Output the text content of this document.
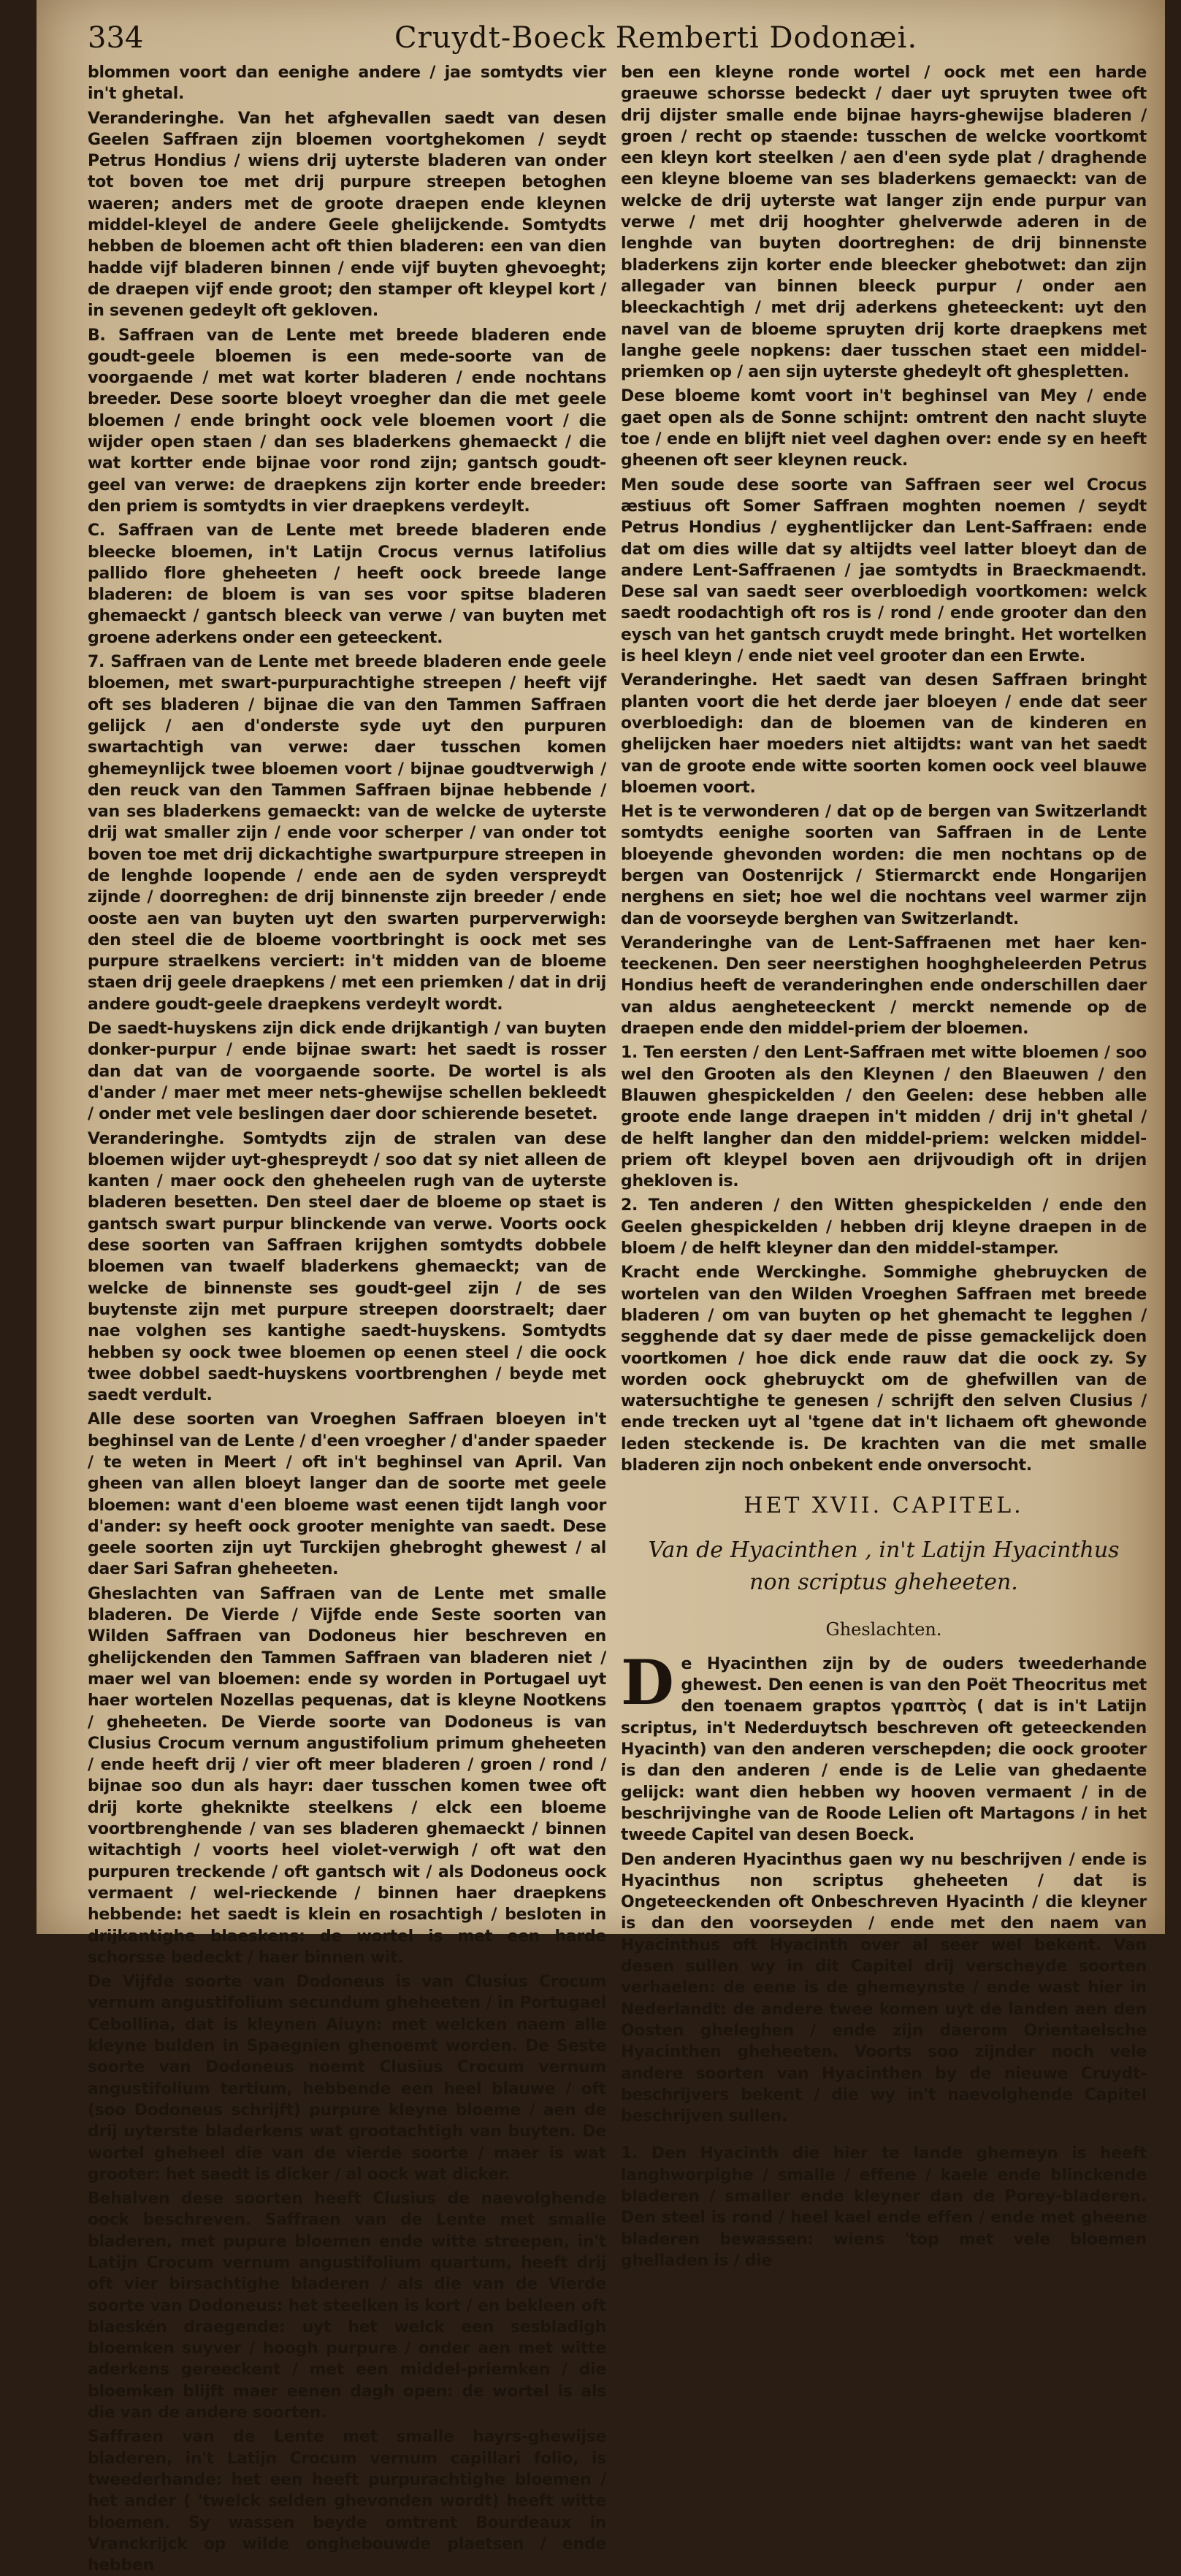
334	Cruydt-Boeck Remberti Dodonæi.

blommen voort dan eenighe andere / jae somtydts vier in't ghetal.

Veranderinghe. Van het afghevallen saedt van desen Geelen Saffraen zijn bloemen voortghekomen / seydt Petrus Hondius / wiens drij uyterste bladeren van onder tot boven toe met drij purpure streepen betoghen waeren; anders met de groote draepen ende kleynen middel-kleyel de andere Geele ghelijckende. Somtydts hebben de bloemen acht oft thien bladeren: een van dien hadde vijf bladeren binnen / ende vijf buyten ghevoeght; de draepen vijf ende groot; den stamper oft kleypel kort / in sevenen gedeylt oft gekloven.

B. Saffraen van de Lente met breede bladeren ende goudt-geele bloemen is een mede-soorte van de voorgaende / met wat korter bladeren / ende nochtans breeder. Dese soorte bloeyt vroegher dan die met geele bloemen / ende bringht oock vele bloemen voort / die wijder open staen / dan ses bladerkens ghemaeckt / die wat kortter ende bijnae voor rond zijn; gantsch goudt-geel van verwe: de draepkens zijn korter ende breeder: den priem is somtydts in vier draepkens verdeylt.

C. Saffraen van de Lente met breede bladeren ende bleecke bloemen, in't Latijn Crocus vernus latifolius pallido flore gheheeten / heeft oock breede lange bladeren: de bloem is van ses voor spitse bladeren ghemaeckt / gantsch bleeck van verwe / van buyten met groene aderkens onder een geteeckent.

7. Saffraen van de Lente met breede bladeren ende geele bloemen, met swart-purpurachtighe streepen / heeft vijf oft ses bladeren / bijnae die van den Tammen Saffraen gelijck / aen d'onderste syde uyt den purpuren swartachtigh van verwe: daer tusschen komen ghemeynlijck twee bloemen voort / bijnae goudtverwigh / den reuck van den Tammen Saffraen bijnae hebbende / van ses bladerkens gemaeckt: van de welcke de uyterste drij wat smaller zijn / ende voor scherper / van onder tot boven toe met drij dickachtighe swartpurpure streepen in de lenghde loopende / ende aen de syden verspreydt zijnde / doorreghen: de drij binnenste zijn breeder / ende ooste aen van buyten uyt den swarten purperverwigh: den steel die de bloeme voortbringht is oock met ses purpure straelkens verciert: in't midden van de bloeme staen drij geele draepkens / met een priemken / dat in drij andere goudt-geele draepkens verdeylt wordt.

De saedt-huyskens zijn dick ende drijkantigh / van buyten donker-purpur / ende bijnae swart: het saedt is rosser dan dat van de voorgaende soorte. De wortel is als d'ander / maer met meer nets-ghewijse schellen bekleedt / onder met vele beslingen daer door schierende besetet.

Veranderinghe. Somtydts zijn de stralen van dese bloemen wijder uyt-ghespreydt / soo dat sy niet alleen de kanten / maer oock den gheheelen rugh van de uyterste bladeren besetten. Den steel daer de bloeme op staet is gantsch swart purpur blinckende van verwe. Voorts oock dese soorten van Saffraen krijghen somtydts dobbele bloemen van twaelf bladerkens ghemaeckt; van de welcke de binnenste ses goudt-geel zijn / de ses buytenste zijn met purpure streepen doorstraelt; daer nae volghen ses kantighe saedt-huyskens. Somtydts hebben sy oock twee bloemen op eenen steel / die oock twee dobbel saedt-huyskens voortbrenghen / beyde met saedt verdult.

Alle dese soorten van Vroeghen Saffraen bloeyen in't beghinsel van de Lente / d'een vroegher / d'ander spaeder / te weten in Meert / oft in't beghinsel van April. Van gheen van allen bloeyt langer dan de soorte met geele bloemen: want d'een bloeme wast eenen tijdt langh voor d'ander: sy heeft oock grooter menighte van saedt. Dese geele soorten zijn uyt Turckijen ghebroght ghewest / al daer Sari Safran gheheeten.

Gheslachten van Saffraen van de Lente met smalle bladeren. De Vierde / Vijfde ende Seste soorten van Wilden Saffraen van Dodoneus hier beschreven en ghelijckenden den Tammen Saffraen van bladeren niet / maer wel van bloemen: ende sy worden in Portugael uyt haer wortelen Nozellas pequenas, dat is kleyne Nootkens / gheheeten. De Vierde soorte van Dodoneus is van Clusius Crocum vernum angustifolium primum gheheeten / ende heeft drij / vier oft meer bladeren / groen / rond / bijnae soo dun als hayr: daer tusschen komen twee oft drij korte gheknikte steelkens / elck een bloeme voortbrenghende / van ses bladeren ghemaeckt / binnen witachtigh / voorts heel violet-verwigh / oft wat den purpuren treckende / oft gantsch wit / als Dodoneus oock vermaent / wel-rieckende / binnen haer draepkens hebbende: het saedt is klein en rosachtigh / besloten in drijkantighe blaeskens: de wortel is met een harde schorsse bedeckt / haer binnen wit.

De Vijfde soorte van Dodoneus is van Clusius Crocum vernum angustifolium secundum gheheeten / in Portugael Cebollina, dat is kleynen Aiuyn: met welcken naem alle kleyne bulden in Spaegnien ghenoemt worden. De Seste soorte van Dodoneus noemt Clusius Crocum vernum angustifolium tertium, hebbende een heel blauwe / oft (soo Dodoneus schrijft) purpure kleyne bloeme / aen de drij uyterste bladerkens wat grootachtigh van buyten. De wortel gheheel die van de vierde soorte / maer is wat grooter: het saedt is dicker / al oock wat dicker.

Behalven dese soorten heeft Clusius de naevolghende oock beschreven. Saffraen van de Lente met smalle bladeren, met pupure bloemen ende witte streepen, in't Latijn Crocum vernum angustifolium quartum, heeft drij oft vier birsachtighe bladeren / als die van de Vierde soorte van Dodoneus: het steelken is kort / en bekleen oft blaeskén draegende: uyt het welck een sesbladigh bloemken suyver / hoogh purpure / onder aen met witte aderkens gereeckent / met een middel-priemken / die bloemken blijft maer eenen dagh open: de wortel is als die van de andere soorten.

Saffraen van de Lente met smalle hayrs-ghewijse bladeren, in't Latijn Crocum vernum capillari folio, is tweederhande: het een heeft purpurachtighe bloemen / het ander ( 'twelck selden ghevonden wordt) heeft witte bloemen. Sy wassen beyde omtrent Bourdeaux in Vranckrijck op wilde onghebouwde plaetsen / ende hebben

ben een kleyne ronde wortel / oock met een harde graeuwe schorsse bedeckt / daer uyt spruyten twee oft drij dijster smalle ende bijnae hayrs-ghewijse bladeren / groen / recht op staende: tusschen de welcke voortkomt een kleyn kort steelken / aen d'een syde plat / draghende een kleyne bloeme van ses bladerkens gemaeckt: van de welcke de drij uyterste wat langer zijn ende purpur van verwe / met drij hooghter ghelverwde aderen in de lenghde van buyten doortreghen: de drij binnenste bladerkens zijn korter ende bleecker ghebotwet: dan zijn allegader van binnen bleeck purpur / onder aen bleeckachtigh / met drij aderkens gheteeckent: uyt den navel van de bloeme spruyten drij korte draepkens met langhe geele nopkens: daer tusschen staet een middel-priemken op / aen sijn uyterste ghedeylt oft ghespletten.

Dese bloeme komt voort in't beghinsel van Mey / ende gaet open als de Sonne schijnt: omtrent den nacht sluyte toe / ende en blijft niet veel daghen over: ende sy en heeft gheenen oft seer kleynen reuck.

Men soude dese soorte van Saffraen seer wel Crocus æstiuus oft Somer Saffraen moghten noemen / seydt Petrus Hondius / eyghentlijcker dan Lent-Saffraen: ende dat om dies wille dat sy altijdts veel latter bloeyt dan de andere Lent-Saffraenen / jae somtydts in Braeckmaendt. Dese sal van saedt seer overbloedigh voortkomen: welck saedt roodachtigh oft ros is / rond / ende grooter dan den eysch van het gantsch cruydt mede bringht. Het wortelken is heel kleyn / ende niet veel grooter dan een Erwte.

Veranderinghe. Het saedt van desen Saffraen bringht planten voort die het derde jaer bloeyen / ende dat seer overbloedigh: dan de bloemen van de kinderen en ghelijcken haer moeders niet altijdts: want van het saedt van de groote ende witte soorten komen oock veel blauwe bloemen voort.

Het is te verwonderen / dat op de bergen van Switzerlandt somtydts eenighe soorten van Saffraen in de Lente bloeyende ghevonden worden: die men nochtans op de bergen van Oostenrijck / Stiermarckt ende Hongarijen nerghens en siet; hoe wel die nochtans veel warmer zijn dan de voorseyde berghen van Switzerlandt.

Veranderinghe van de Lent-Saffraenen met haer ken-teeckenen. Den seer neerstighen hooghgheleerden Petrus Hondius heeft de veranderinghen ende onderschillen daer van aldus aengheteeckent / merckt nemende op de draepen ende den middel-priem der bloemen.

1. Ten eersten / den Lent-Saffraen met witte bloemen / soo wel den Grooten als den Kleynen / den Blaeuwen / den Blauwen ghespickelden / den Geelen: dese hebben alle groote ende lange draepen in't midden / drij in't ghetal / de helft langher dan den middel-priem: welcken middel-priem oft kleypel boven aen drijvoudigh oft in drijen ghekloven is.

2. Ten anderen / den Witten ghespickelden / ende den Geelen ghespickelden / hebben drij kleyne draepen in de bloem / de helft kleyner dan den middel-stamper.

Kracht ende Werckinghe. Sommighe ghebruycken de wortelen van den Wilden Vroeghen Saffraen met breede bladeren / om van buyten op het ghemacht te legghen / segghende dat sy daer mede de pisse gemackelijck doen voortkomen / hoe dick ende rauw dat die oock zy. Sy worden oock ghebruyckt om de ghefwillen van de watersuchtighe te genesen / schrijft den selven Clusius / ende trecken uyt al 'tgene dat in't lichaem oft ghewonde leden steckende is. De krachten van die met smalle bladeren zijn noch onbekent ende onversocht.

HET XVII. CAPITEL.
Van de Hyacinthen , in't Latijn Hyacinthus
non scriptus gheheeten.
Gheslachten.

D e Hyacinthen zijn by de ouders tweederhande ghewest. Den eenen is van den Poët Theocritus met den toenaem graptos γραπτὸς ( dat is in't Latijn scriptus, in't Nederduytsch beschreven oft geteeckenden Hyacinth) van den anderen verschepden; die oock grooter is dan den anderen / ende is de Lelie van ghedaente gelijck: want dien hebben wy hooven vermaent / in de beschrijvinghe van de Roode Lelien oft Martagons / in het tweede Capitel van desen Boeck.

Den anderen Hyacinthus gaen wy nu beschrijven / ende is Hyacinthus non scriptus gheheeten / dat is Ongeteeckenden oft Onbeschreven Hyacinth / die kleyner is dan den voorseyden / ende met den naem van Hyacinthus oft Hyacinth over al seer wel bekent. Van desen sullen wy in dit Capitel drij verscheyde soorten verhaelen: de eene is de ghemeynste / ende wast hier in Nederlandt: de andere twee komen uyt de landen aen den Oosten gheleghen / ende zijn daerom Orientaelsche Hyacinthen gheheeten. Voorts soo zijnder noch vele andere soorten van Hyacinthen by de nieuwe Cruydt-beschrijvers bekent / die wy in't naevolghende Capitel beschrijven sullen.

1. Den Hyacinth die hier te lande ghemeyn is heeft langhworpighe / smalle / effene / kaele ende blinckende bladeren / smaller ende kleyner dan de Porey-bladeren. Den steel is rond / heel kael ende effen / ende met gheene bladeren bewassen: wiens 'top met vele bloemen ghelladen is / die
